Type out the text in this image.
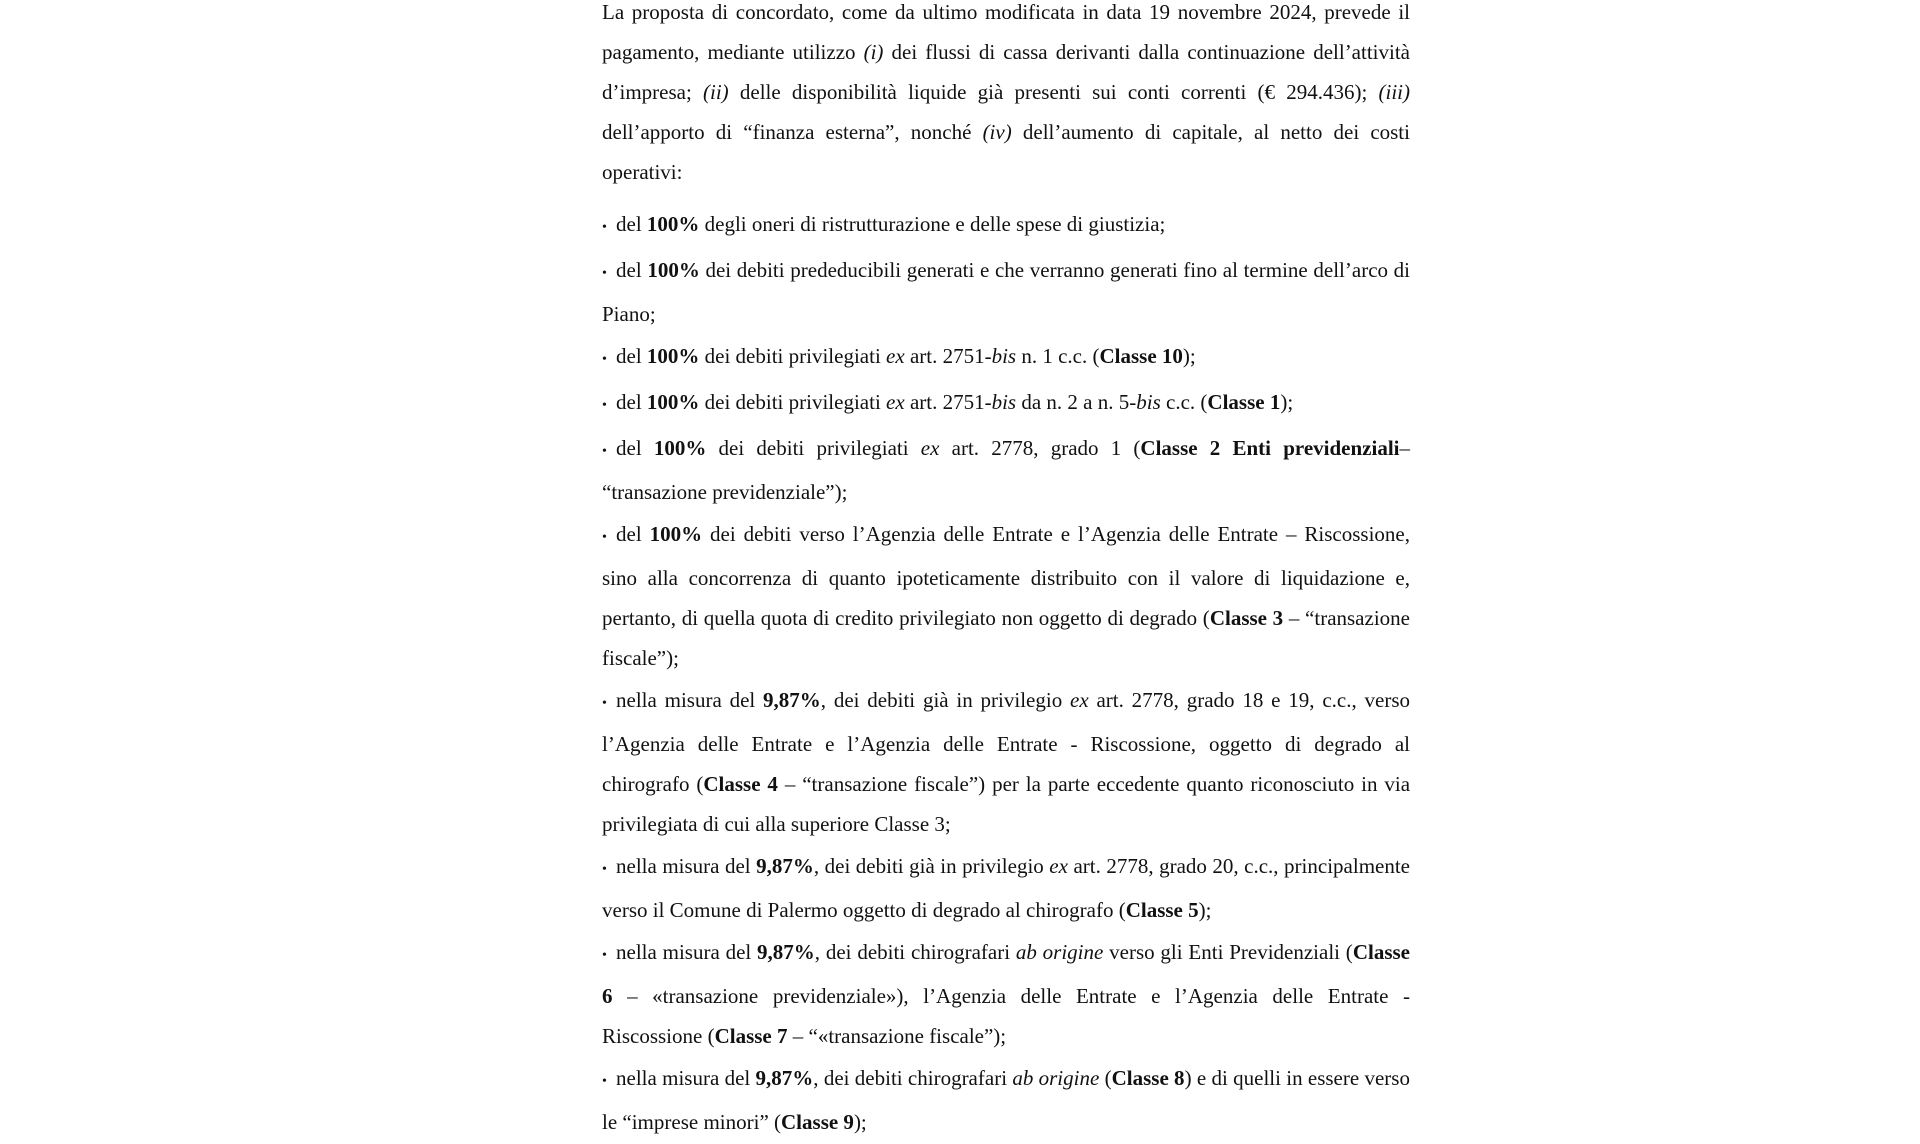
La proposta di concordato, come da ultimo modificata in data 19 novembre 2024, prevede il pagamento, mediante utilizzo (i) dei flussi di cassa derivanti dalla continuazione dell’attività d’impresa; (ii) delle disponibilità liquide già presenti sui conti correnti (€ 294.436); (iii) dell’apporto di “finanza esterna”, nonché (iv) dell’aumento di capitale, al netto dei costi operativi:

• del 100% degli oneri di ristrutturazione e delle spese di giustizia;

• del 100% dei debiti prededucibili generati e che verranno generati fino al termine dell’arco di Piano;

• del 100% dei debiti privilegiati ex art. 2751-bis n. 1 c.c. (Classe 10);

• del 100% dei debiti privilegiati ex art. 2751-bis da n. 2 a n. 5-bis c.c. (Classe 1);

• del 100% dei debiti privilegiati ex art. 2778, grado 1 (Classe 2 Enti previdenziali– “transazione previdenziale”);

• del 100% dei debiti verso l’Agenzia delle Entrate e l’Agenzia delle Entrate – Riscossione, sino alla concorrenza di quanto ipoteticamente distribuito con il valore di liquidazione e, pertanto, di quella quota di credito privilegiato non oggetto di degrado (Classe 3 – “transazione fiscale”);

• nella misura del 9,87%, dei debiti già in privilegio ex art. 2778, grado 18 e 19, c.c., verso l’Agenzia delle Entrate e l’Agenzia delle Entrate - Riscossione, oggetto di degrado al chirografo (Classe 4 – “transazione fiscale”) per la parte eccedente quanto riconosciuto in via privilegiata di cui alla superiore Classe 3;

• nella misura del 9,87%, dei debiti già in privilegio ex art. 2778, grado 20, c.c., principalmente verso il Comune di Palermo oggetto di degrado al chirografo (Classe 5);

• nella misura del 9,87%, dei debiti chirografari ab origine verso gli Enti Previdenziali (Classe 6 – «transazione previdenziale»), l’Agenzia delle Entrate e l’Agenzia delle Entrate - Riscossione (Classe 7 – “«transazione fiscale”);

• nella misura del 9,87%, dei debiti chirografari ab origine (Classe 8) e di quelli in essere verso le “imprese minori” (Classe 9);
